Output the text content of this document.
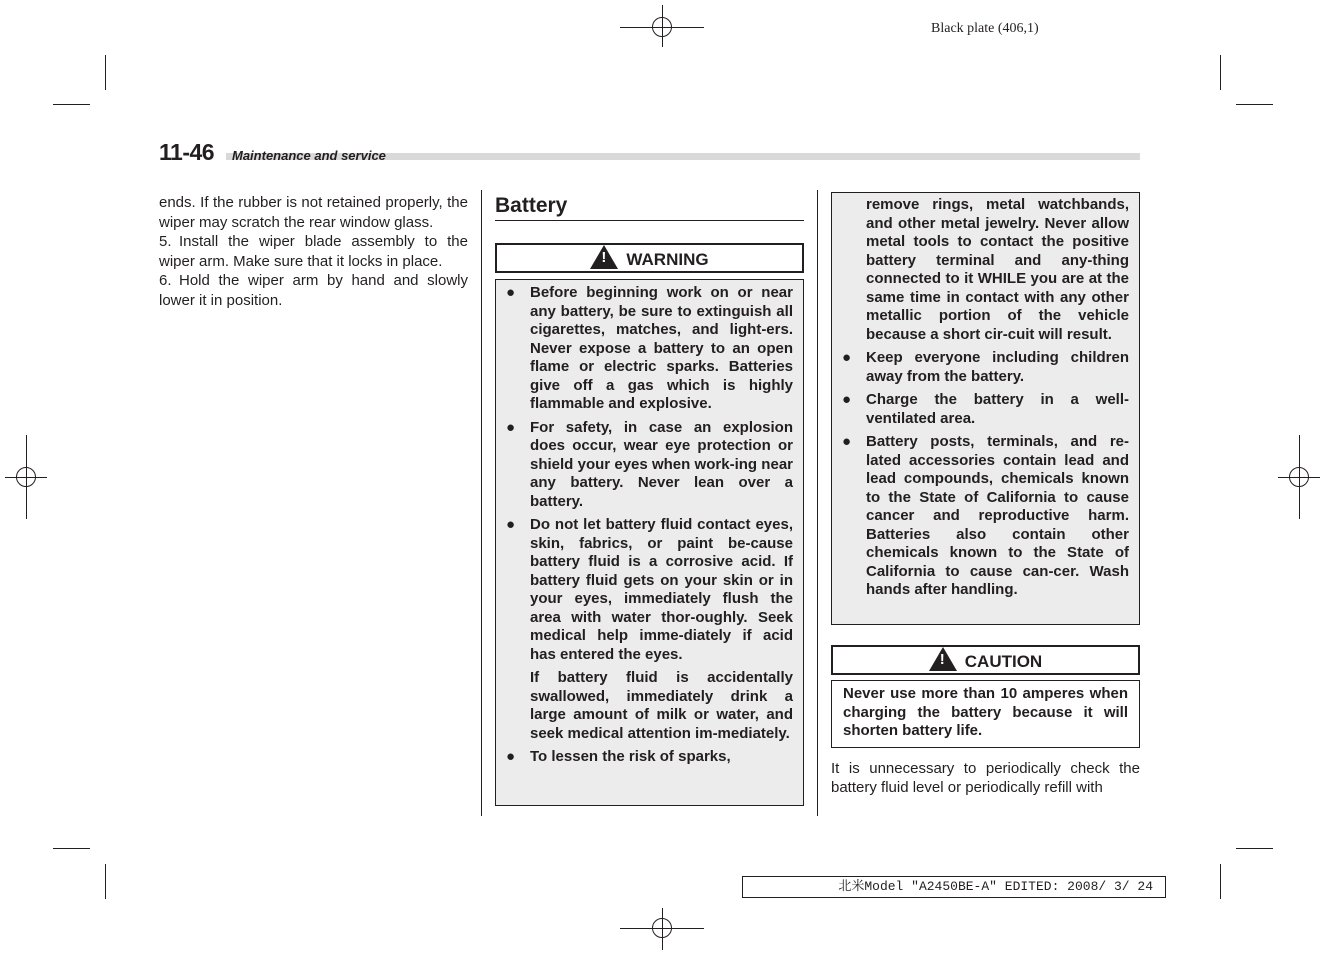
Black plate (406,1)
11-46 Maintenance and service

ends. If the rubber is not retained properly, the wiper may scratch the rear window glass.

5. Install the wiper blade assembly to the wiper arm. Make sure that it locks in place.

6. Hold the wiper arm by hand and slowly lower it in position.

Battery
! WARNING
● Before beginning work on or near any battery, be sure to extinguish all cigarettes, matches, and light-ers. Never expose a battery to an open flame or electric sparks. Batteries give off a gas which is highly flammable and explosive.
● For safety, in case an explosion does occur, wear eye protection or shield your eyes when work-ing near any battery. Never lean over a battery.
● Do not let battery fluid contact eyes, skin, fabrics, or paint be-cause battery fluid is a corrosive acid. If battery fluid gets on your skin or in your eyes, immediately flush the area with water thor-oughly. Seek medical help imme-diately if acid has entered the eyes.
If battery fluid is accidentally swallowed, immediately drink a large amount of milk or water, and seek medical attention im-mediately.
● To lessen the risk of sparks,
remove rings, metal watchbands, and other metal jewelry. Never allow metal tools to contact the positive battery terminal and any-thing connected to it WHILE you are at the same time in contact with any other metallic portion of the vehicle because a short cir-cuit will result.
● Keep everyone including children away from the battery.
● Charge the battery in a well-ventilated area.
● Battery posts, terminals, and re-lated accessories contain lead and lead compounds, chemicals known to the State of California to cause cancer and reproductive harm. Batteries also contain other chemicals known to the State of California to cause can-cer. Wash hands after handling.
! CAUTION
Never use more than 10 amperes when charging the battery because it will shorten battery life.
It is unnecessary to periodically check the battery fluid level or periodically refill with
北米Model "A2450BE-A" EDITED: 2008/ 3/ 24
